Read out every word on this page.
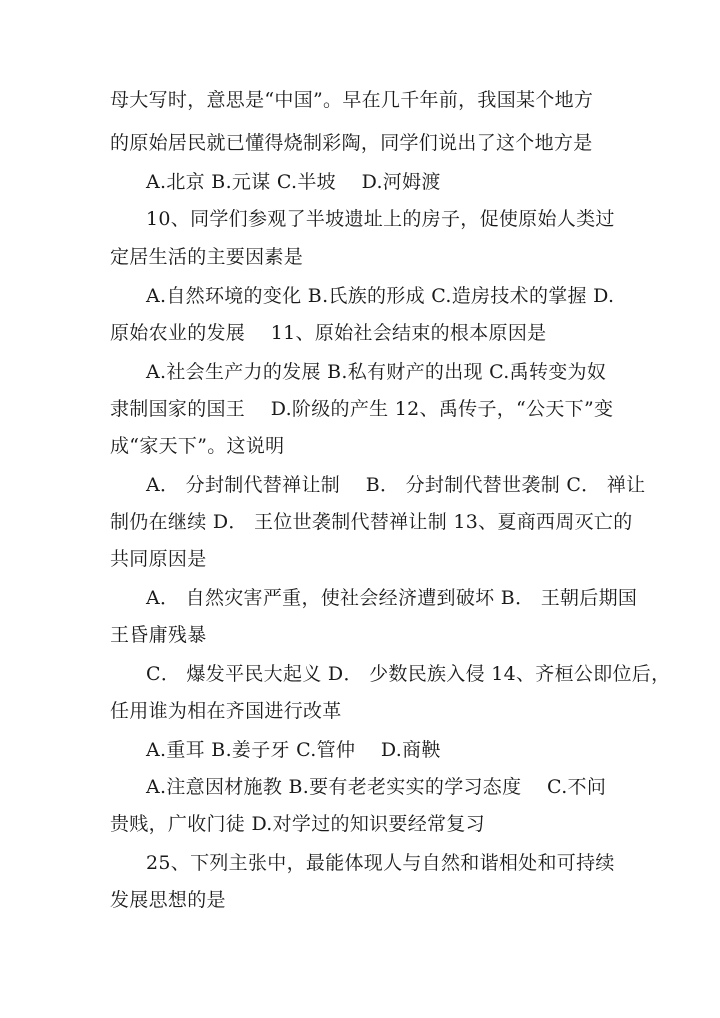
母大写时，意思是“中国”。早在几千年前，我国某个地方
的原始居民就已懂得烧制彩陶，同学们说出了这个地方是
A.北京 B.元谋 C.半坡　 D.河姆渡
10、同学们参观了半坡遗址上的房子，促使原始人类过
定居生活的主要因素是
A.自然环境的变化 B.氏族的形成 C.造房技术的掌握 D.
原始农业的发展　 11、原始社会结束的根本原因是
A.社会生产力的发展 B.私有财产的出现 C.禹转变为奴
隶制国家的国王　 D.阶级的产生 12、禹传子，“公天下”变
成“家天下”。这说明
A． 分封制代替禅让制　 B． 分封制代替世袭制 C． 禅让
制仍在继续 D． 王位世袭制代替禅让制 13、夏商西周灭亡的
共同原因是
A． 自然灾害严重，使社会经济遭到破坏 B． 王朝后期国
王昏庸残暴
C． 爆发平民大起义 D． 少数民族入侵 14、齐桓公即位后，
任用谁为相在齐国进行改革
A.重耳 B.姜子牙 C.管仲　 D.商鞅
A.注意因材施教 B.要有老老实实的学习态度　 C.不问
贵贱，广收门徒 D.对学过的知识要经常复习
25、下列主张中，最能体现人与自然和谐相处和可持续
发展思想的是
